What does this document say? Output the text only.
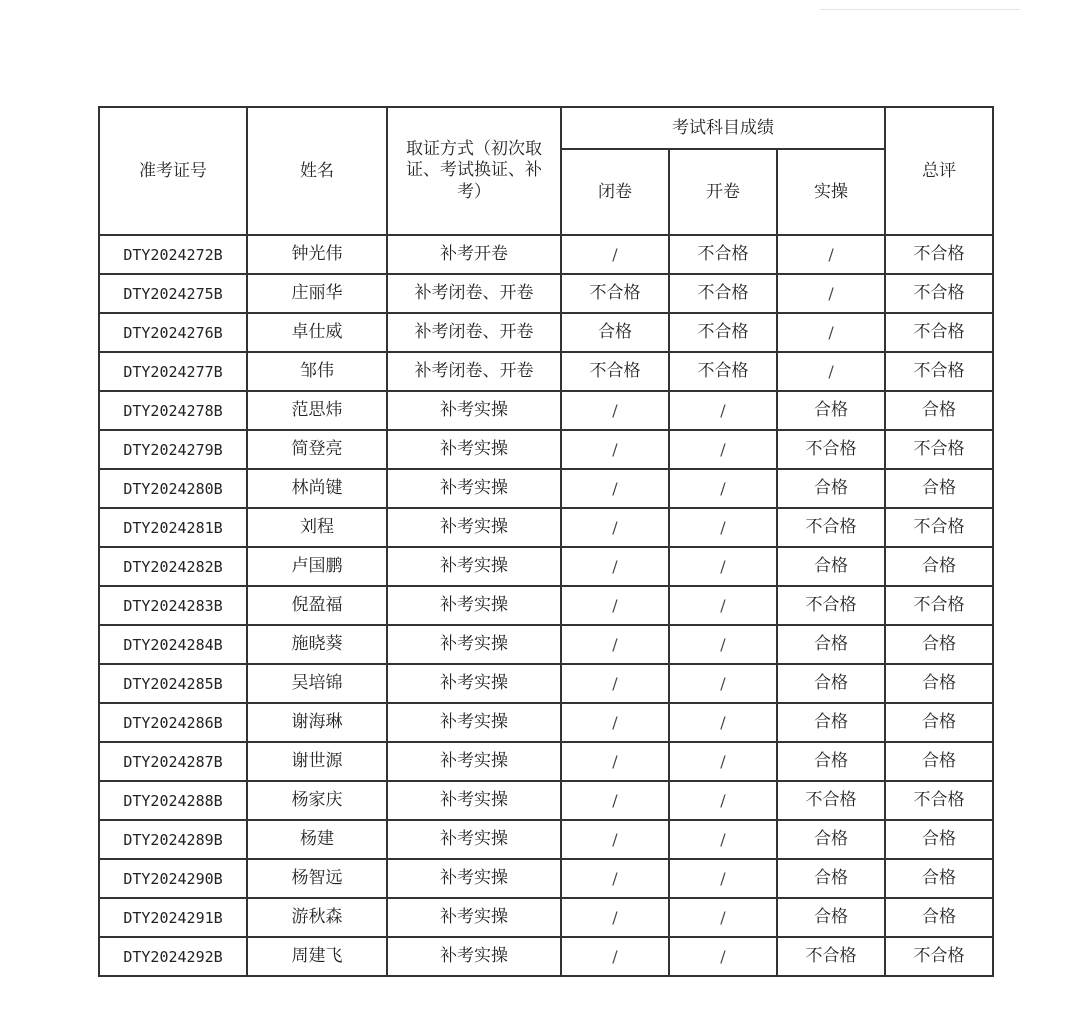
准考证号	姓名	取证方式（初次取证、考试换证、补考）	考试科目成绩			总评
			闭卷	开卷	实操	
DTY2024272B	钟光伟	补考开卷	/	不合格	/	不合格
DTY2024275B	庄丽华	补考闭卷、开卷	不合格	不合格	/	不合格
DTY2024276B	卓仕威	补考闭卷、开卷	合格	不合格	/	不合格
DTY2024277B	邹伟	补考闭卷、开卷	不合格	不合格	/	不合格
DTY2024278B	范思炜	补考实操	/	/	合格	合格
DTY2024279B	简登亮	补考实操	/	/	不合格	不合格
DTY2024280B	林尚键	补考实操	/	/	合格	合格
DTY2024281B	刘程	补考实操	/	/	不合格	不合格
DTY2024282B	卢国鹏	补考实操	/	/	合格	合格
DTY2024283B	倪盈福	补考实操	/	/	不合格	不合格
DTY2024284B	施晓葵	补考实操	/	/	合格	合格
DTY2024285B	吴培锦	补考实操	/	/	合格	合格
DTY2024286B	谢海琳	补考实操	/	/	合格	合格
DTY2024287B	谢世源	补考实操	/	/	合格	合格
DTY2024288B	杨家庆	补考实操	/	/	不合格	不合格
DTY2024289B	杨建	补考实操	/	/	合格	合格
DTY2024290B	杨智远	补考实操	/	/	合格	合格
DTY2024291B	游秋森	补考实操	/	/	合格	合格
DTY2024292B	周建飞	补考实操	/	/	不合格	不合格
